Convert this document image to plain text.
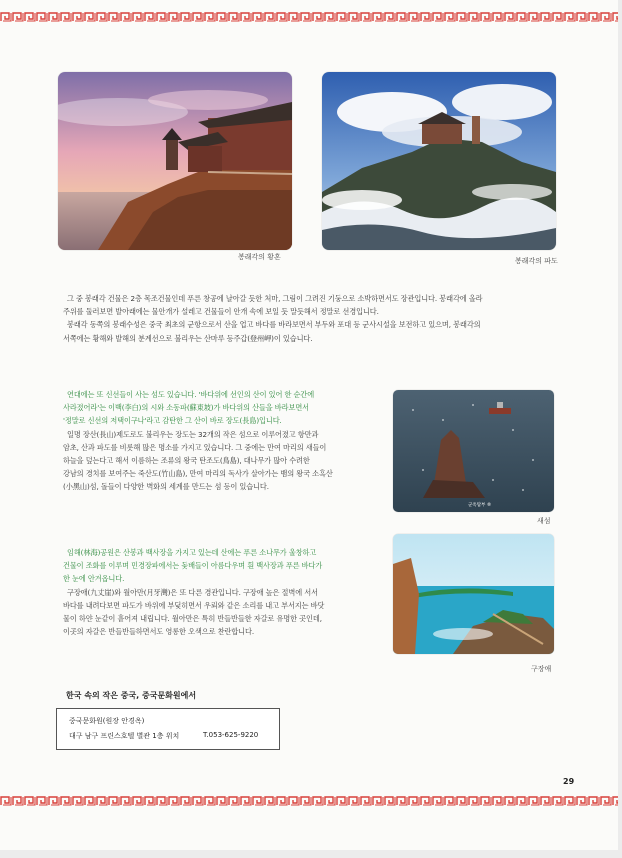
봉래각의 황혼	봉래각의 파도
그 중 봉래각 건물은 2층 목조건물인데 푸른 창공에 날아갈 듯한 처마, 그림이 그려진 기둥으로 소박하면서도 장관입니다. 봉래각에 올라
주위를 둘러보면 발아래에는 물안개가 설레고 건물들이 안개 속에 보일 듯 말듯해서 정말로 선경입니다.
봉래각 동쪽의 봉래수성은 중국 최초의 군항으로서 산을 업고 바다를 바라보면서 부두와 포대 등 군사시설을 보전하고 있으며, 봉래각의
서쪽에는 황해와 발해의 분계선으로 불리우는 산마루 등주갑(登州岬)이 있습니다.
연대에는 또 신선들이 사는 섬도 있습니다. '바다위에 선인의 산이 있어 한 순간에
사라졌어라'는 이백(李白)의 시와 소동파(蘇東坡)가 바다위의 산들을 바라보면서
'정말로 신선의 저택이구나'라고 감탄한 그 산이 바로 장도(長島)입니다.
일명 장산(長山)제도로도 불리우는 장도는 32개의 작은 섬으로 이루어졌고 항만과
암초, 산과 파도를 비롯해 많은 명소를 가지고 있습니다. 그 중에는 만여 마리의 새들이
하늘을 덮는다고 해서 이름하는 조류의 왕국 탄조도(鳥島), 대나무가 많아 수려한
강남의 경치를 보여주는 죽산도(竹山島), 만여 마리의 독사가 살아가는 뱀의 왕국 소흑산
(小黑山)섬, 돌들이 다양한 벽화의 세계를 만드는 섬 등이 있습니다.
군옥탑부 ®
새섬
임해(林海)공원은 산봉과 백사장을 가지고 있는데 산에는 푸른 소나무가 울창하고
건물이 조화를 이루며 민경장파에서는 돛배들이 아름다우며 흰 백사장과 푸른 바다가
한 눈에 안겨옵니다.
구장애(九丈崖)와 월아만(月牙灣)은 또 다른 경관입니다. 구장애 높은 절벽에 서서
바다를 내려다보면 파도가 바위에 부딪히면서 우뢰와 같은 소리를 내고 부서지는 바닷
물이 하얀 눈같이 흩어져 내립니다. 월아만은 특히 반들반들한 자갈로 유명한 곳인데,
이곳의 자갈은 반들반들하면서도 영롱한 오색으로 찬란합니다.
구장애
한국 속의 작은 중국, 중국문화원에서
중국문화원(원장 안경옥)
대구 남구 프린스호텔 별관 1층 위치	T.053-625-9220
29
